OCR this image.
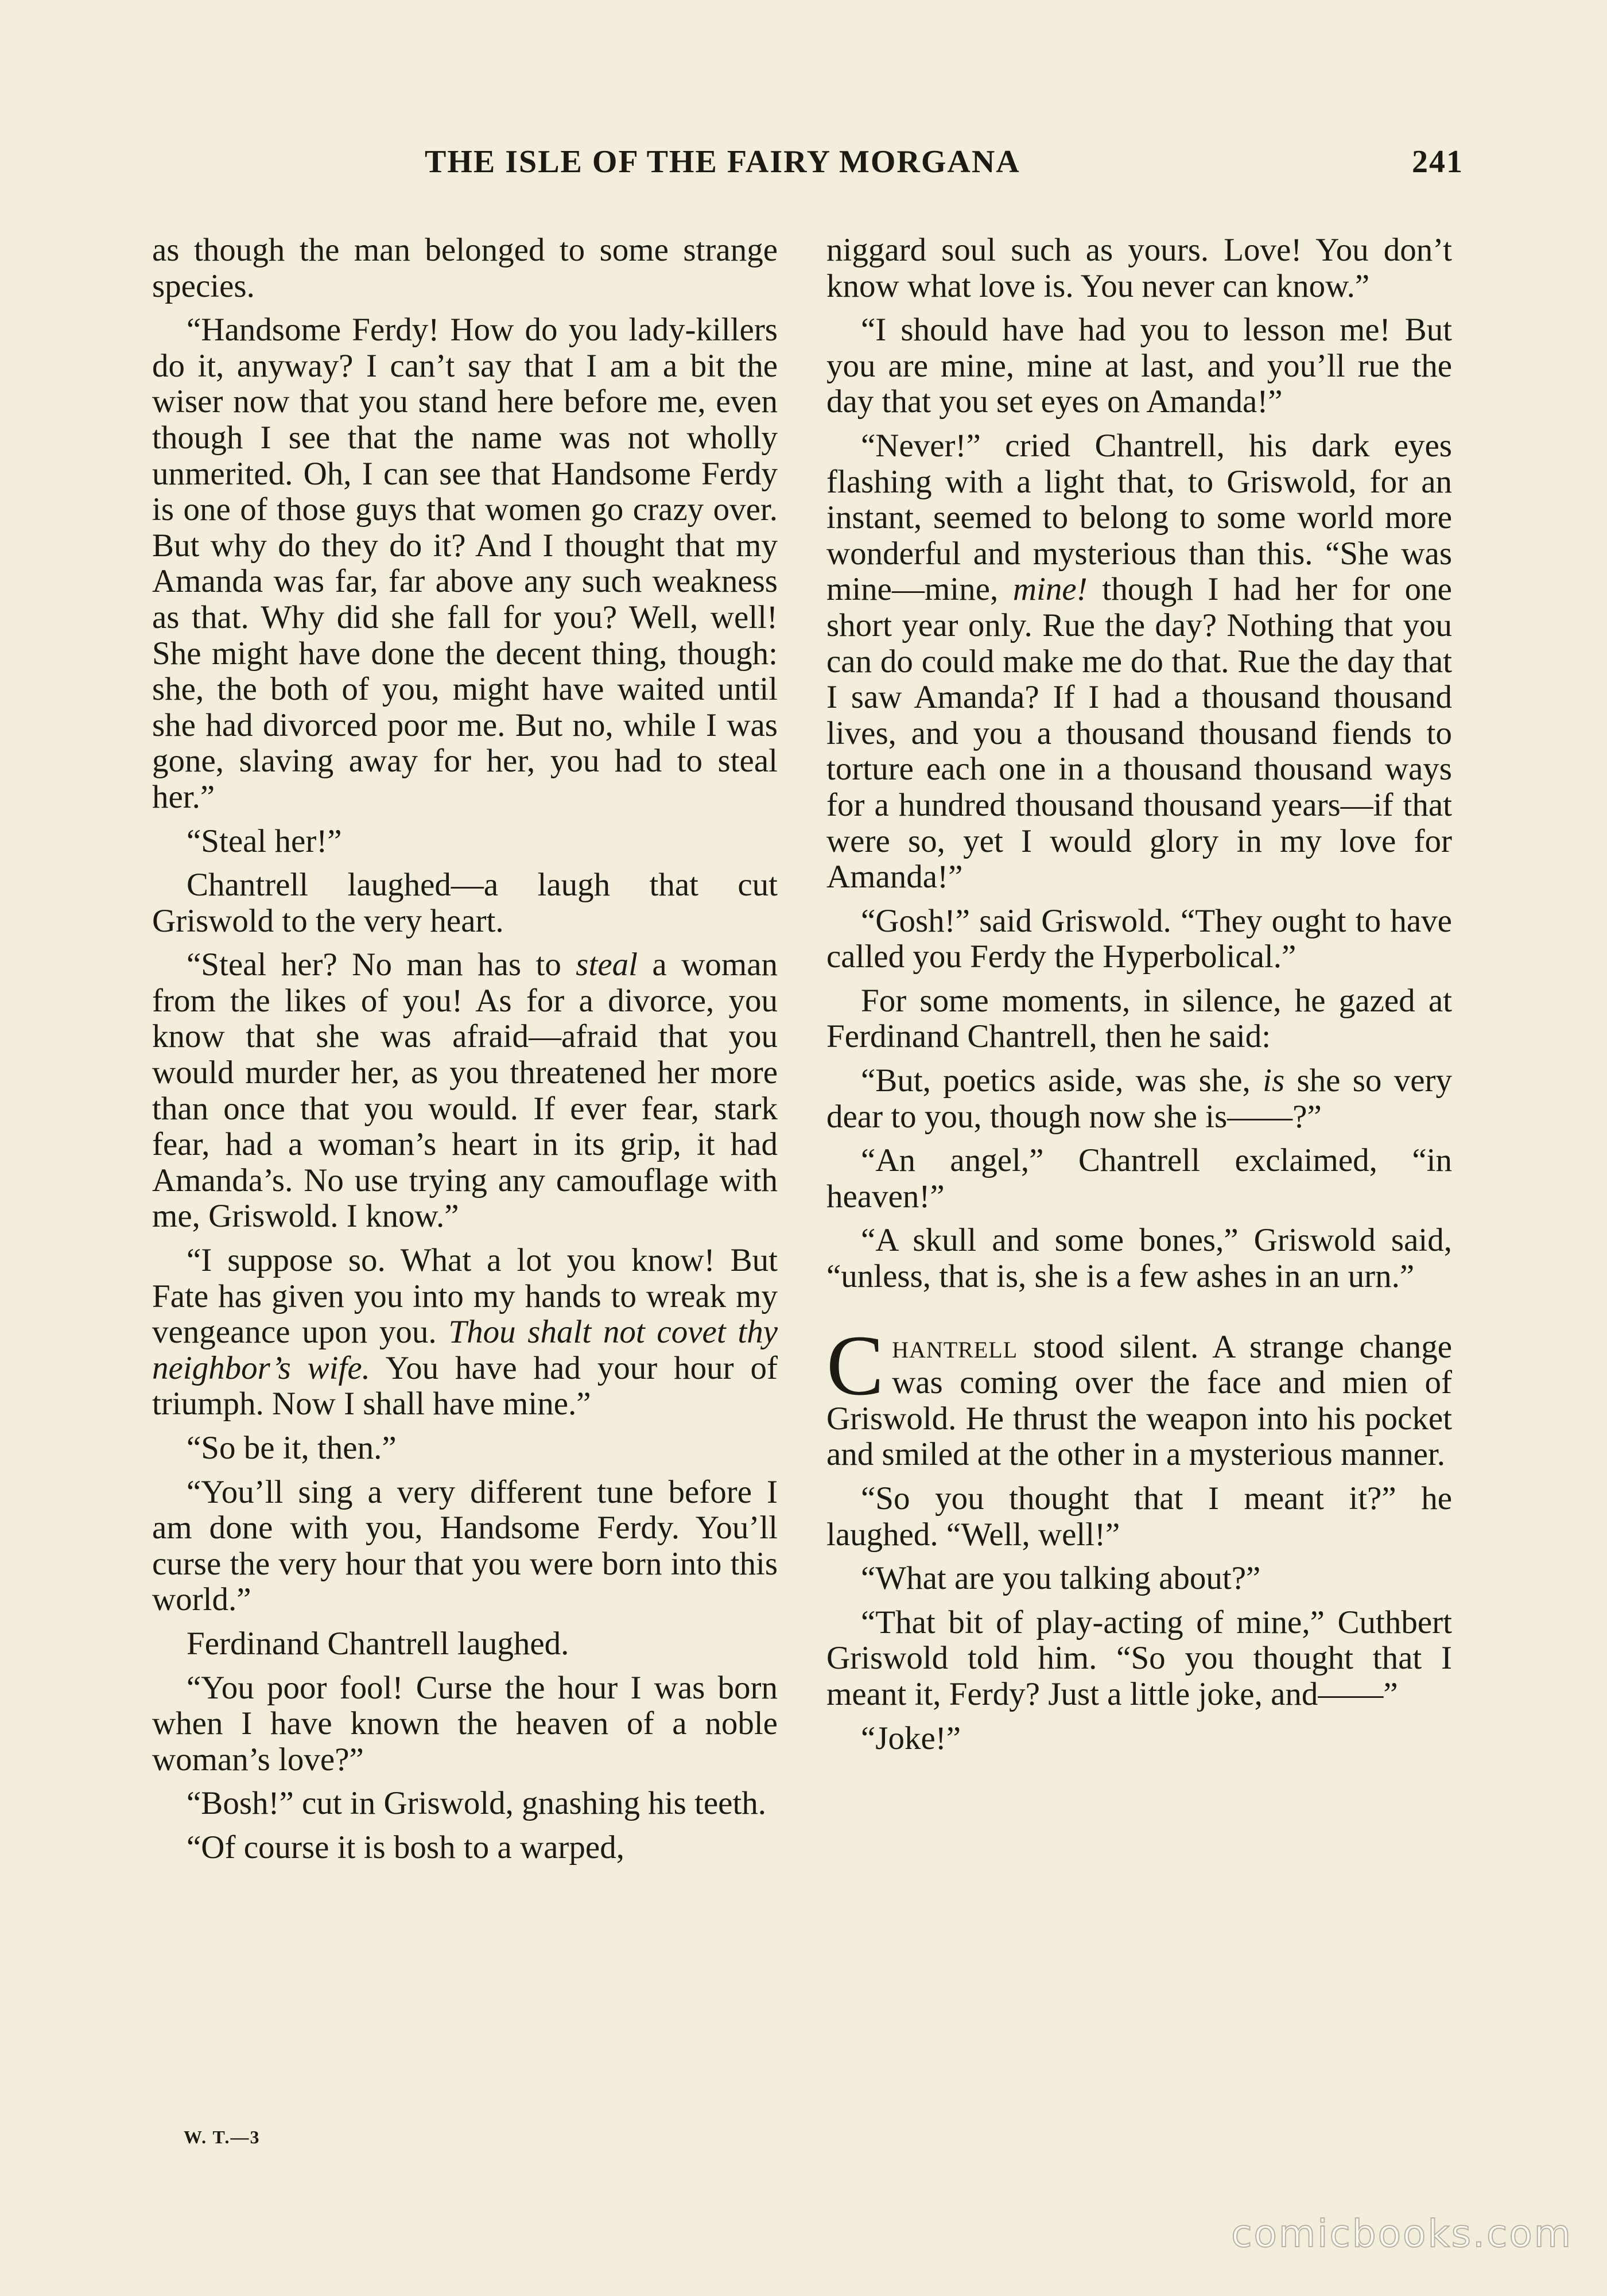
THE ISLE OF THE FAIRY MORGANA	241

as though the man belonged to some strange species.

“Handsome Ferdy! How do you lady-killers do it, anyway? I can’t say that I am a bit the wiser now that you stand here before me, even though I see that the name was not wholly unmerited. Oh, I can see that Handsome Ferdy is one of those guys that women go crazy over. But why do they do it? And I thought that my Amanda was far, far above any such weakness as that. Why did she fall for you? Well, well! She might have done the decent thing, though: she, the both of you, might have waited until she had divorced poor me. But no, while I was gone, slaving away for her, you had to steal her.”

“Steal her!”

Chantrell laughed—a laugh that cut Griswold to the very heart.

“Steal her? No man has to steal a woman from the likes of you! As for a divorce, you know that she was afraid—afraid that you would murder her, as you threatened her more than once that you would. If ever fear, stark fear, had a woman’s heart in its grip, it had Amanda’s. No use trying any camouflage with me, Griswold. I know.”

“I suppose so. What a lot you know! But Fate has given you into my hands to wreak my vengeance upon you. Thou shalt not covet thy neighbor’s wife. You have had your hour of triumph. Now I shall have mine.”

“So be it, then.”

“You’ll sing a very different tune before I am done with you, Handsome Ferdy. You’ll curse the very hour that you were born into this world.”

Ferdinand Chantrell laughed.

“You poor fool! Curse the hour I was born when I have known the heaven of a noble woman’s love?”

“Bosh!” cut in Griswold, gnashing his teeth.

“Of course it is bosh to a warped,

niggard soul such as yours. Love! You don’t know what love is. You never can know.”

“I should have had you to lesson me! But you are mine, mine at last, and you’ll rue the day that you set eyes on Amanda!”

“Never!” cried Chantrell, his dark eyes flashing with a light that, to Griswold, for an instant, seemed to belong to some world more wonderful and mysterious than this. “She was mine—mine, mine! though I had her for one short year only. Rue the day? Nothing that you can do could make me do that. Rue the day that I saw Amanda? If I had a thousand thousand lives, and you a thousand thousand fiends to torture each one in a thousand thousand ways for a hundred thousand thousand years—if that were so, yet I would glory in my love for Amanda!”

“Gosh!” said Griswold. “They ought to have called you Ferdy the Hyperbolical.”

For some moments, in silence, he gazed at Ferdinand Chantrell, then he said:

“But, poetics aside, was she, is she so very dear to you, though now she is——?”

“An angel,” Chantrell exclaimed, “in heaven!”

“A skull and some bones,” Griswold said, “unless, that is, she is a few ashes in an urn.”

Chantrell stood silent. A strange change was coming over the face and mien of Griswold. He thrust the weapon into his pocket and smiled at the other in a mysterious manner.

“So you thought that I meant it?” he laughed. “Well, well!”

“What are you talking about?”

“That bit of play-acting of mine,” Cuthbert Griswold told him. “So you thought that I meant it, Ferdy? Just a little joke, and——”

“Joke!”

W. T.—3
comicbooks.com
